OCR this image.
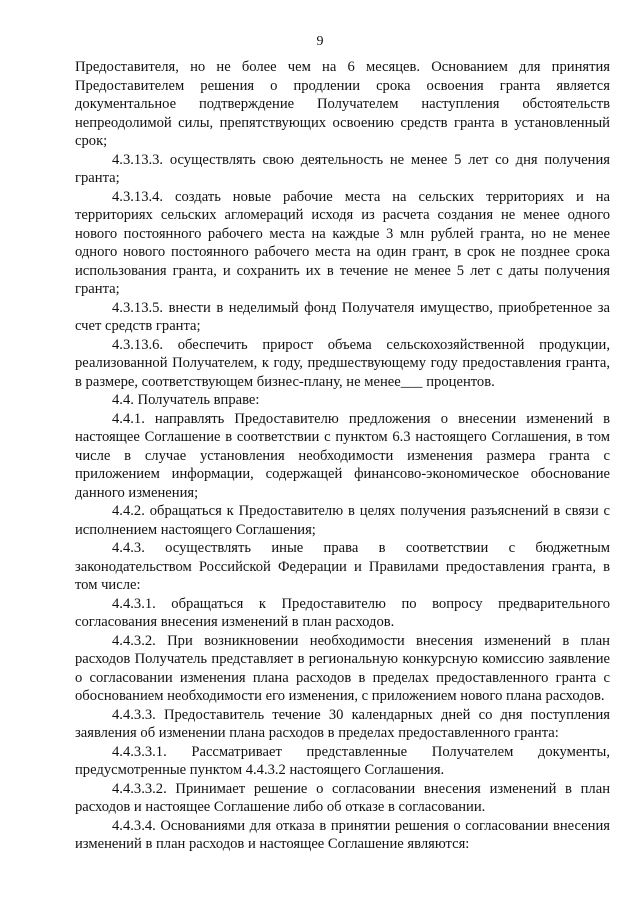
9

Предоставителя, но не более чем на 6 месяцев. Основанием для принятия Предоставителем решения о продлении срока освоения гранта является документальное подтверждение Получателем наступления обстоятельств непреодолимой силы, препятствующих освоению средств гранта в установленный срок;

4.3.13.3. осуществлять свою деятельность не менее 5 лет со дня получения гранта;

4.3.13.4. создать новые рабочие места на сельских территориях и на территориях сельских агломераций исходя из расчета создания не менее одного нового постоянного рабочего места на каждые 3 млн рублей гранта, но не менее одного нового постоянного рабочего места на один грант, в срок не позднее срока использования гранта, и сохранить их в течение не менее 5 лет с даты получения гранта;

4.3.13.5. внести в неделимый фонд Получателя имущество, приобретенное за счет средств гранта;

4.3.13.6. обеспечить прирост объема сельскохозяйственной продукции, реализованной Получателем, к году, предшествующему году предоставления гранта, в размере, соответствующем бизнес-плану, не менее___ процентов.

4.4. Получатель вправе:

4.4.1. направлять Предоставителю предложения о внесении изменений в настоящее Соглашение в соответствии с пунктом 6.3 настоящего Соглашения, в том числе в случае установления необходимости изменения размера гранта с приложением информации, содержащей финансово-экономическое обоснование данного изменения;

4.4.2. обращаться к Предоставителю в целях получения разъяснений в связи с исполнением настоящего Соглашения;

4.4.3. осуществлять иные права в соответствии с бюджетным законодательством Российской Федерации и Правилами предоставления гранта, в том числе:

4.4.3.1. обращаться к Предоставителю по вопросу предварительного согласования внесения изменений в план расходов.

4.4.3.2. При возникновении необходимости внесения изменений в план расходов Получатель представляет в региональную конкурсную комиссию заявление о согласовании изменения плана расходов в пределах предоставленного гранта с обоснованием необходимости его изменения, с приложением нового плана расходов.

4.4.3.3. Предоставитель течение 30 календарных дней со дня поступления заявления об изменении плана расходов в пределах предоставленного гранта:

4.4.3.3.1. Рассматривает представленные Получателем документы, предусмотренные пунктом 4.4.3.2 настоящего Соглашения.

4.4.3.3.2. Принимает решение о согласовании внесения изменений в план расходов и настоящее Соглашение либо об отказе в согласовании.

4.4.3.4. Основаниями для отказа в принятии решения о согласовании внесения изменений в план расходов и настоящее Соглашение являются:
